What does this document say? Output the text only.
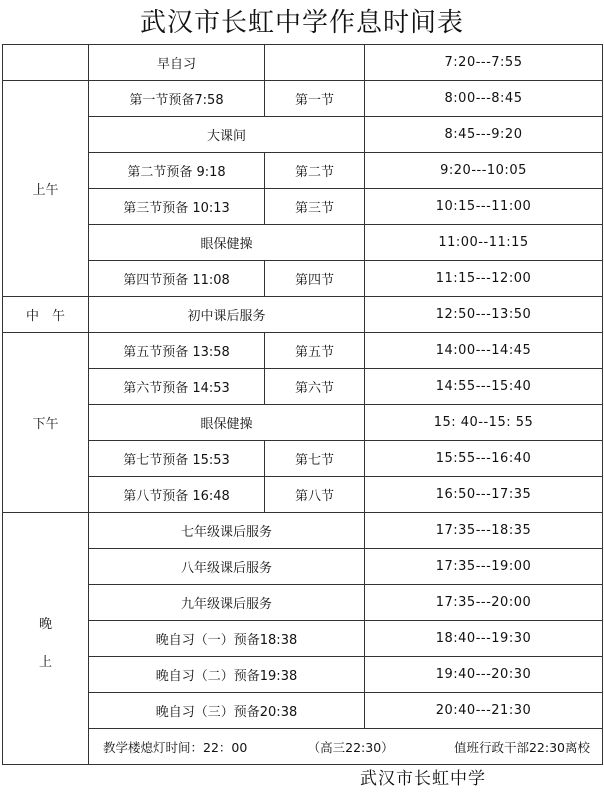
武汉市长虹中学作息时间表
	早自习		7:20---7:55
上午	第一节预备7:58	第一节	8:00---8:45
	大课间		8:45---9:20
	第二节预备 9:18	第二节	9:20---10:05
	第三节预备 10:13	第三节	10:15---11:00
	眼保健操		11:00--11:15
	第四节预备 11:08	第四节	11:15---12:00
中　午	初中课后服务		12:50---13:50
下午	第五节预备 13:58	第五节	14:00---14:45
	第六节预备 14:53	第六节	14:55---15:40
	眼保健操		15: 40--15: 55
	第七节预备 15:53	第七节	15:55---16:40
	第八节预备 16:48	第八节	16:50---17:35

晚
上	七年级课后服务		17:35---18:35
	八年级课后服务		17:35---19:00
	九年级课后服务		17:35---20:00
	晚自习（一）预备18:38		18:40---19:30
	晚自习（二）预备19:38		19:40---20:30
	晚自习（三）预备20:38		20:40---21:30

	教学楼熄灯时间：22：00 （高三22:30） 值班行政干部22:30离校		
武汉市长虹中学
